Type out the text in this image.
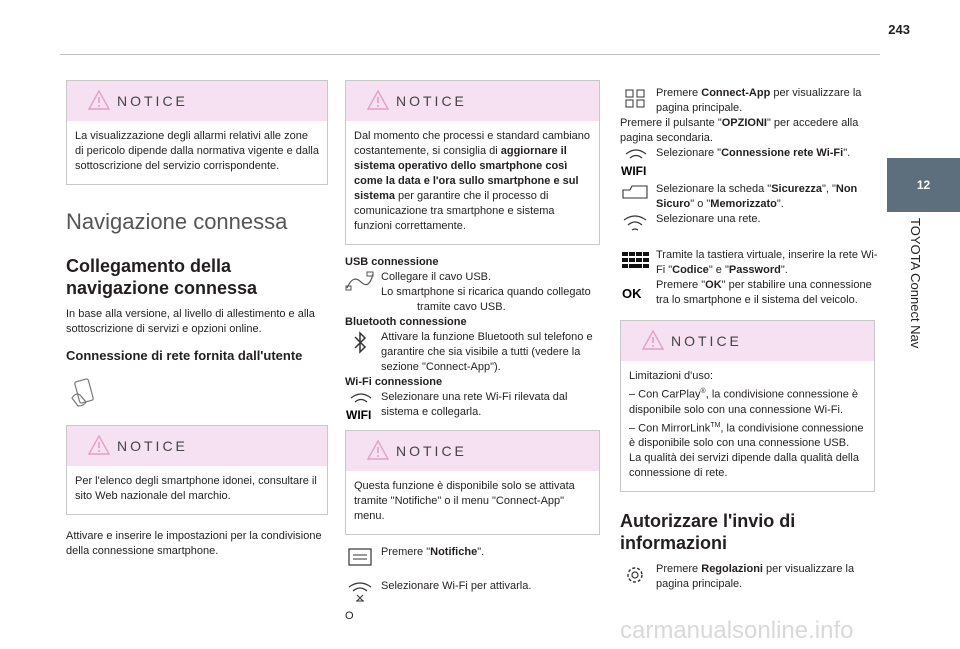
243
12
TOYOTA Connect Nav
NOTICE

La visualizzazione degli allarmi relativi alle zone di pericolo dipende dalla normativa vigente e dalla sottoscrizione del servizio corrispondente.

Navigazione connessa
Collegamento della navigazione connessa

In base alla versione, al livello di allestimento e alla sottoscrizione di servizi e opzioni online.

Connessione di rete fornita dall'utente
NOTICE

Per l'elenco degli smartphone idonei, consultare il sito Web nazionale del marchio.

Attivare e inserire le impostazioni per la condivisione della connessione smartphone.

NOTICE

Dal momento che processi e standard cambiano costantemente, si consiglia di aggiornare il sistema operativo dello smartphone così come la data e l'ora sullo smartphone e sul sistema per garantire che il processo di comunicazione tra smartphone e sistema funzioni correttamente.

USB connessione

Collegare il cavo USB.
Lo smartphone si ricarica quando collegato tramite cavo USB.

Bluetooth connessione

Attivare la funzione Bluetooth sul telefono e garantire che sia visibile a tutti (vedere la sezione "Connect-App").

Wi-Fi connessione

WIFI
Selezionare una rete Wi-Fi rilevata dal sistema e collegarla.
NOTICE

Questa funzione è disponibile solo se attivata tramite "Notifiche" o il menu "Connect-App" menu.

Premere "Notifiche".
Selezionare Wi-Fi per attivarla.

O

Premere Connect-App per visualizzare la pagina principale.

Premere il pulsante "OPZIONI" per accedere alla pagina secondaria.

WIFI
Selezionare "Connessione rete Wi-Fi".
Selezionare la scheda "Sicurezza", "Non Sicuro" o "Memorizzato".
Selezionare una rete.
Tramite la tastiera virtuale, inserire la rete Wi-Fi "Codice" e "Password".
OK
Premere "OK" per stabilire una connessione tra lo smartphone e il sistema del veicolo.
NOTICE

Limitazioni d'uso:

– Con CarPlay®, la condivisione connessione è disponibile solo con una connessione Wi-Fi.

– Con MirrorLink™, la condivisione connessione è disponibile solo con una connessione USB.

La qualità dei servizi dipende dalla qualità della connessione di rete.

Autorizzare l'invio di informazioni
Premere Regolazioni per visualizzare la pagina principale.
carmanualsonline.info
